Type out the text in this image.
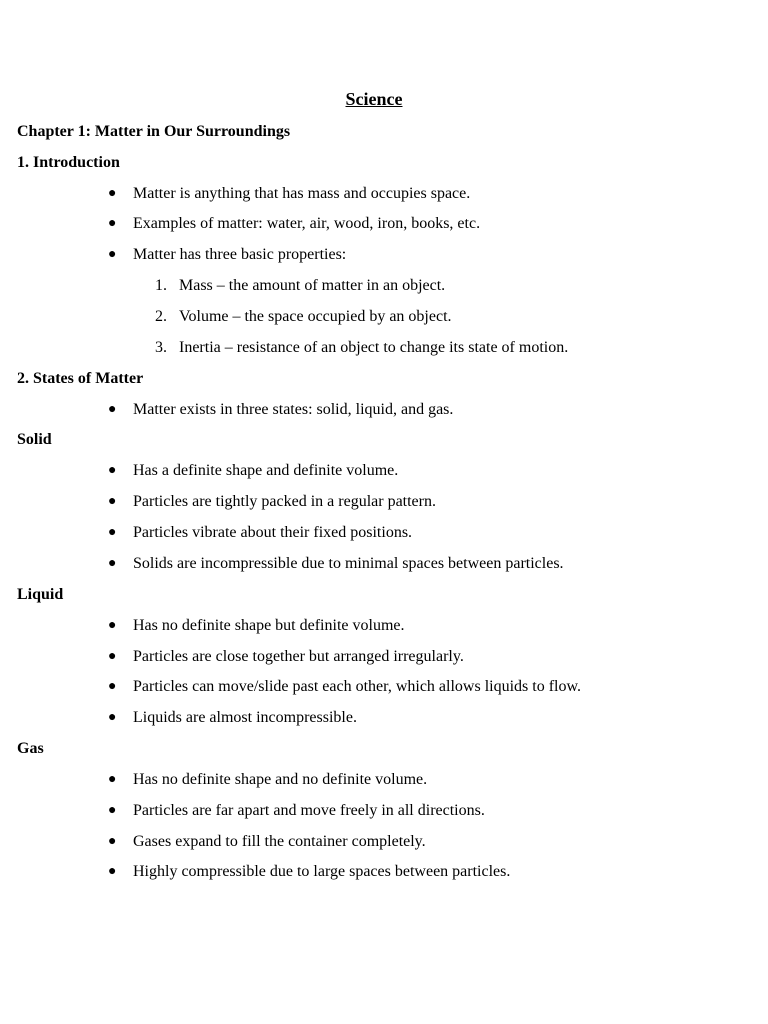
Science
Chapter 1: Matter in Our Surroundings
1. Introduction
● Matter is anything that has mass and occupies space.
● Examples of matter: water, air, wood, iron, books, etc.
● Matter has three basic properties:
1. Mass – the amount of matter in an object.
2. Volume – the space occupied by an object.
3. Inertia – resistance of an object to change its state of motion.
2. States of Matter
● Matter exists in three states: solid, liquid, and gas.
Solid
● Has a definite shape and definite volume.
● Particles are tightly packed in a regular pattern.
● Particles vibrate about their fixed positions.
● Solids are incompressible due to minimal spaces between particles.
Liquid
● Has no definite shape but definite volume.
● Particles are close together but arranged irregularly.
● Particles can move/slide past each other, which allows liquids to flow.
● Liquids are almost incompressible.
Gas
● Has no definite shape and no definite volume.
● Particles are far apart and move freely in all directions.
● Gases expand to fill the container completely.
● Highly compressible due to large spaces between particles.
